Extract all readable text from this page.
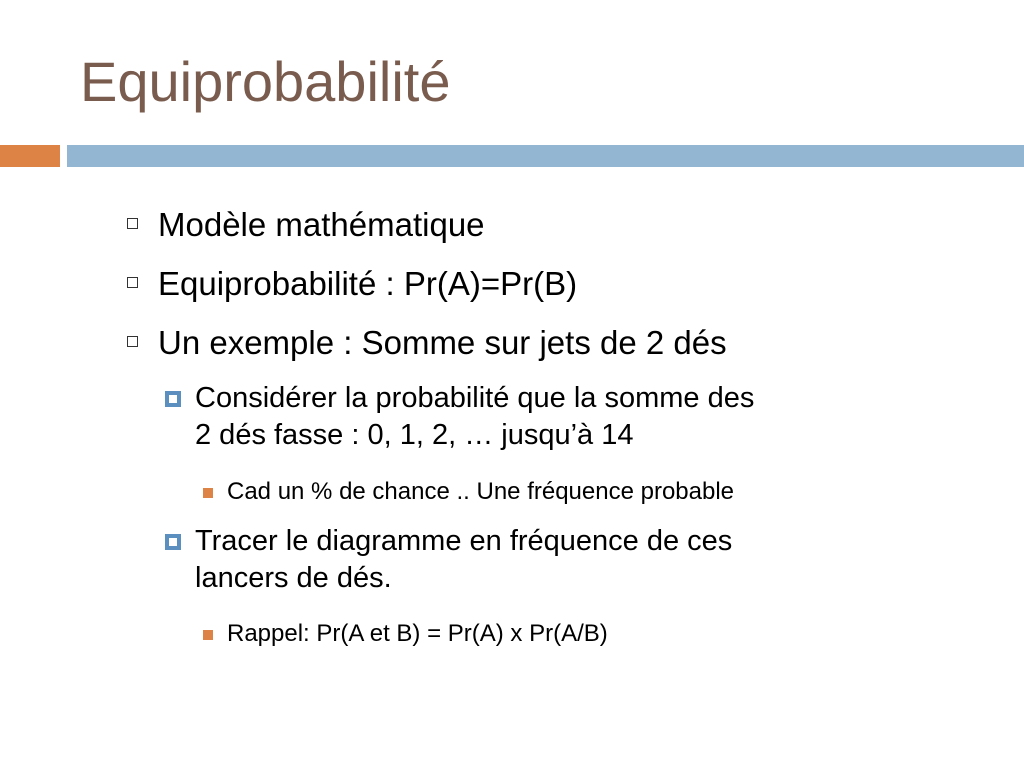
Equiprobabilité
Modèle mathématique
Equiprobabilité : Pr(A)=Pr(B)
Un exemple : Somme sur jets de 2 dés
Considérer la probabilité que la somme des
2 dés fasse : 0, 1, 2, … jusqu’à 14
Cad un % de chance .. Une fréquence probable
Tracer le diagramme en fréquence de ces
lancers de dés.
Rappel: Pr(A et B) = Pr(A) x Pr(A/B)
